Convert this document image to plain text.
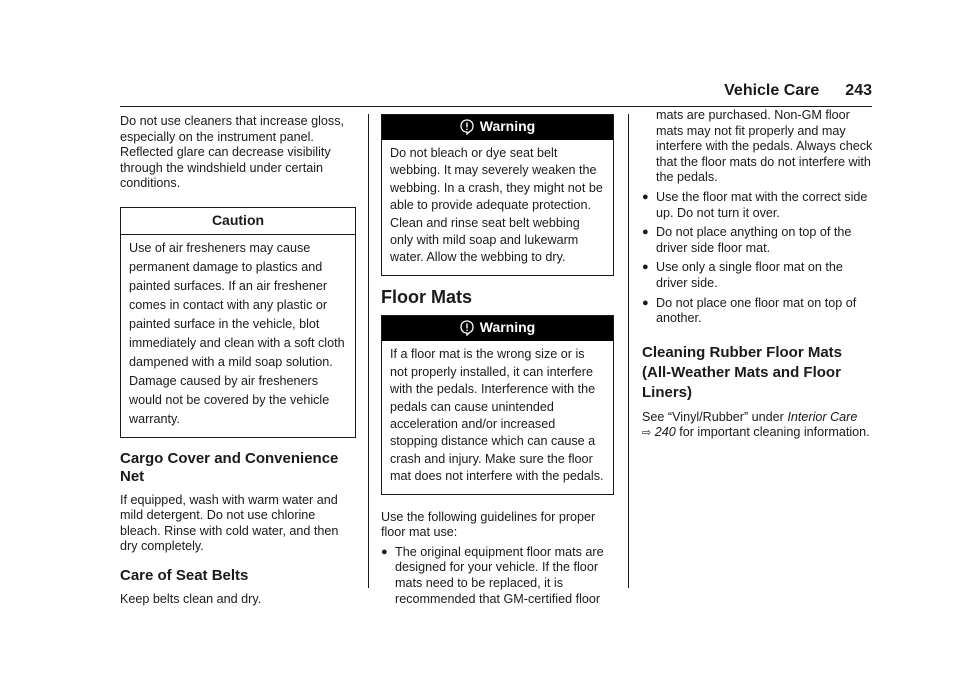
Vehicle Care 243

Do not use cleaners that increase gloss, especially on the instrument panel. Reflected glare can decrease visibility through the windshield under certain conditions.

Caution
Use of air fresheners may cause permanent damage to plastics and painted surfaces. If an air freshener comes in contact with any plastic or painted surface in the vehicle, blot immediately and clean with a soft cloth dampened with a mild soap solution. Damage caused by air fresheners would not be covered by the vehicle warranty.
Cargo Cover and Convenience Net

If equipped, wash with warm water and mild detergent. Do not use chlorine bleach. Rinse with cold water, and then dry completely.

Care of Seat Belts

Keep belts clean and dry.

Warning
Do not bleach or dye seat belt webbing. It may severely weaken the webbing. In a crash, they might not be able to provide adequate protection. Clean and rinse seat belt webbing only with mild soap and lukewarm water. Allow the webbing to dry.
Floor Mats
Warning
If a floor mat is the wrong size or is not properly installed, it can interfere with the pedals. Interference with the pedals can cause unintended acceleration and/or increased stopping distance which can cause a crash and injury. Make sure the floor mat does not interfere with the pedals.

Use the following guidelines for proper floor mat use:

● The original equipment floor mats are designed for your vehicle. If the floor mats need to be replaced, it is recommended that GM-certified floor

mats are purchased. Non-GM floor mats may not fit properly and may interfere with the pedals. Always check that the floor mats do not interfere with the pedals.

● Use the floor mat with the correct side up. Do not turn it over.
● Do not place anything on top of the driver side floor mat.
● Use only a single floor mat on the driver side.
● Do not place one floor mat on top of another.
Cleaning Rubber Floor Mats (All-Weather Mats and Floor Liners)

See “Vinyl/Rubber” under Interior Care
⇨ 240 for important cleaning information.
